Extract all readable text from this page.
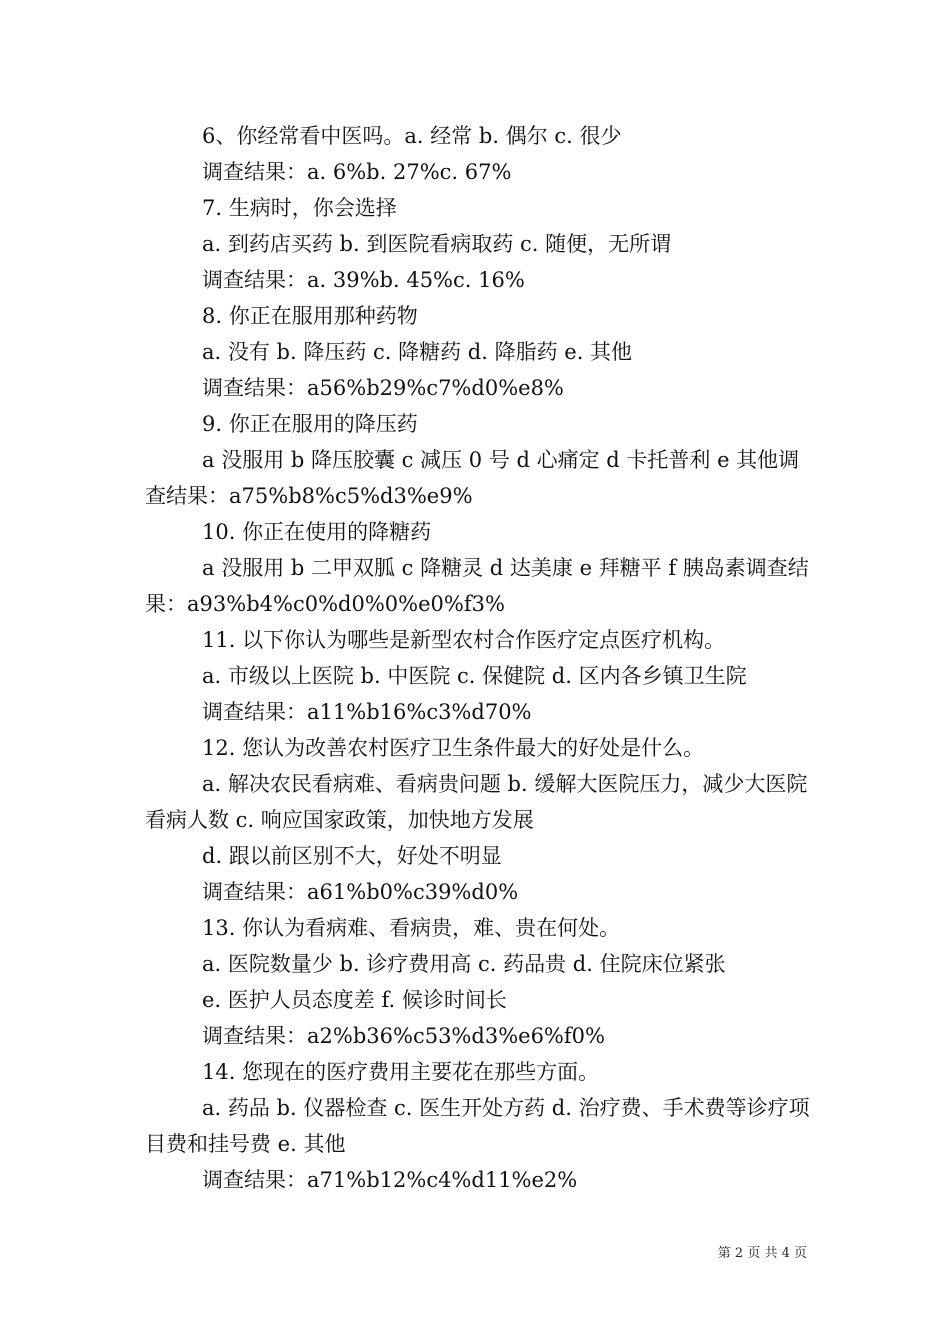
6、你经常看中医吗。a. 经常 b. 偶尔 c. 很少

调查结果：a. 6%b. 27%c. 67%

7. 生病时，你会选择

a. 到药店买药 b. 到医院看病取药 c. 随便，无所谓

调查结果：a. 39%b. 45%c. 16%

8. 你正在服用那种药物

a. 没有 b. 降压药 c. 降糖药 d. 降脂药 e. 其他

调查结果：a56%b29%c7%d0%e8%

9. 你正在服用的降压药

a 没服用 b 降压胶囊 c 减压 0 号 d 心痛定 d 卡托普利 e 其他调查结果：a75%b8%c5%d3%e9%

10. 你正在使用的降糖药

a 没服用 b 二甲双胍 c 降糖灵 d 达美康 e 拜糖平 f 胰岛素调查结果：a93%b4%c0%d0%0%e0%f3%

11. 以下你认为哪些是新型农村合作医疗定点医疗机构。

a. 市级以上医院 b. 中医院 c. 保健院 d. 区内各乡镇卫生院

调查结果：a11%b16%c3%d70%

12. 您认为改善农村医疗卫生条件最大的好处是什么。

a. 解决农民看病难、看病贵问题 b. 缓解大医院压力，减少大医院看病人数 c. 响应国家政策，加快地方发展

d. 跟以前区别不大，好处不明显

调查结果：a61%b0%c39%d0%

13. 你认为看病难、看病贵，难、贵在何处。

a. 医院数量少 b. 诊疗费用高 c. 药品贵 d. 住院床位紧张

e. 医护人员态度差 f. 候诊时间长

调查结果：a2%b36%c53%d3%e6%f0%

14. 您现在的医疗费用主要花在那些方面。

a. 药品 b. 仪器检查 c. 医生开处方药 d. 治疗费、手术费等诊疗项目费和挂号费 e. 其他

调查结果：a71%b12%c4%d11%e2%

第 2 页 共 4 页
